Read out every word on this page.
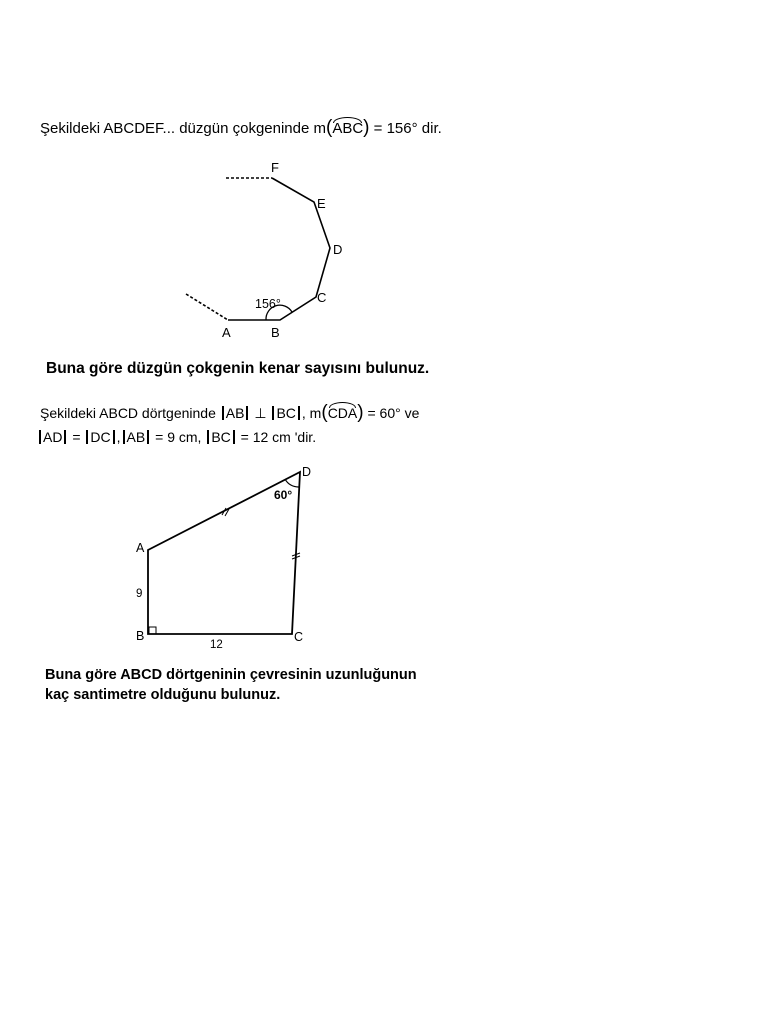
Şekildeki ABCDEF... düzgün çokgeninde m(ABC) = 156° dir.
F
E
D
C
A	B
156°
Buna göre düzgün çokgenin kenar sayısını bulunuz.
Şekildeki ABCD dörtgeninde AB ⊥ BC , m(CDA) = 60° ve
AD = DC , AB = 9 cm, BC = 12 cm 'dir.
D
A
B	C
60°
9
12
Buna göre ABCD dörtgeninin çevresinin uzunluğunun
kaç santimetre olduğunu bulunuz.
